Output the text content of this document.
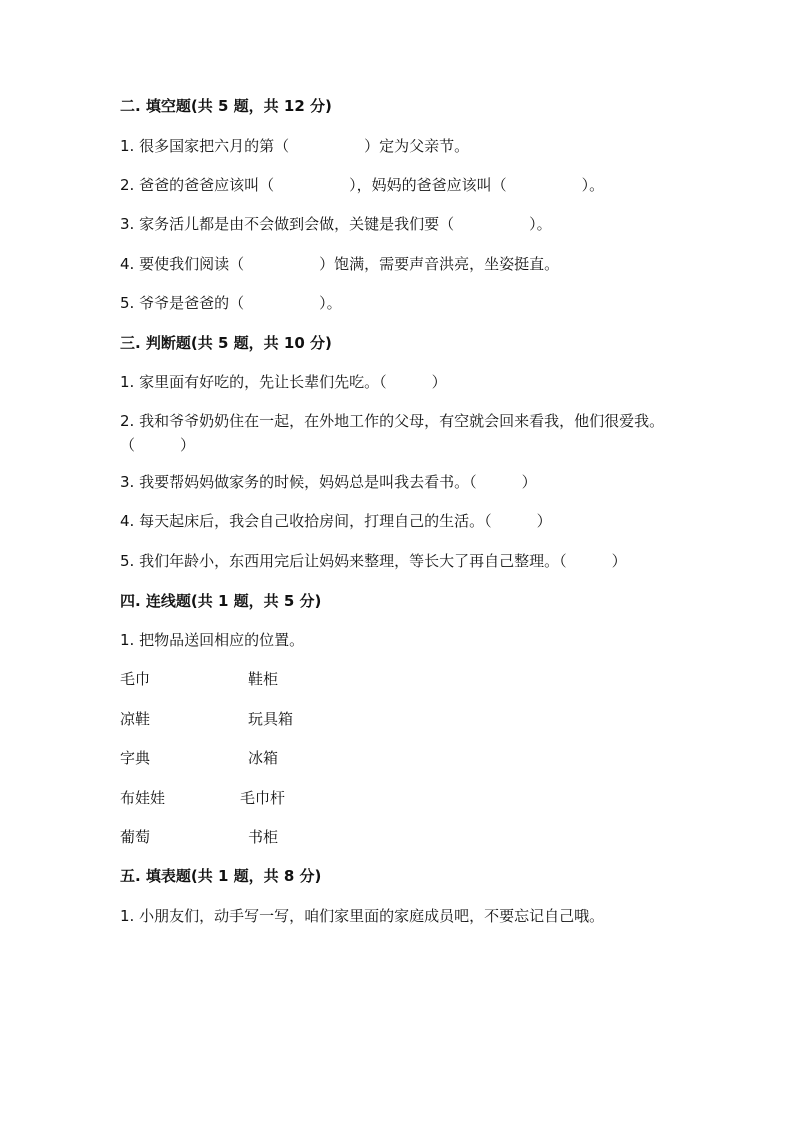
二. 填空题(共 5 题，共 12 分)
1. 很多国家把六月的第（　　　　　）定为父亲节。
2. 爸爸的爸爸应该叫（　　　　　），妈妈的爸爸应该叫（　　　　　）。
3. 家务活儿都是由不会做到会做，关键是我们要（　　　　　）。
4. 要使我们阅读（　　　　　）饱满，需要声音洪亮，坐姿挺直。
5. 爷爷是爸爸的（　　　　　）。
三. 判断题(共 5 题，共 10 分)
1. 家里面有好吃的，先让长辈们先吃。（　　　）
2. 我和爷爷奶奶住在一起，在外地工作的父母，有空就会回来看我，他们很爱我。（　　　）
3. 我要帮妈妈做家务的时候，妈妈总是叫我去看书。（　　　）
4. 每天起床后，我会自己收拾房间，打理自己的生活。（　　　）
5. 我们年龄小，东西用完后让妈妈来整理，等长大了再自己整理。（　　　）
四. 连线题(共 1 题，共 5 分)
1. 把物品送回相应的位置。
毛巾	鞋柜
凉鞋	玩具箱
字典	冰箱
布娃娃	毛巾杆
葡萄	书柜
五. 填表题(共 1 题，共 8 分)
1. 小朋友们，动手写一写，咱们家里面的家庭成员吧，不要忘记自己哦。
